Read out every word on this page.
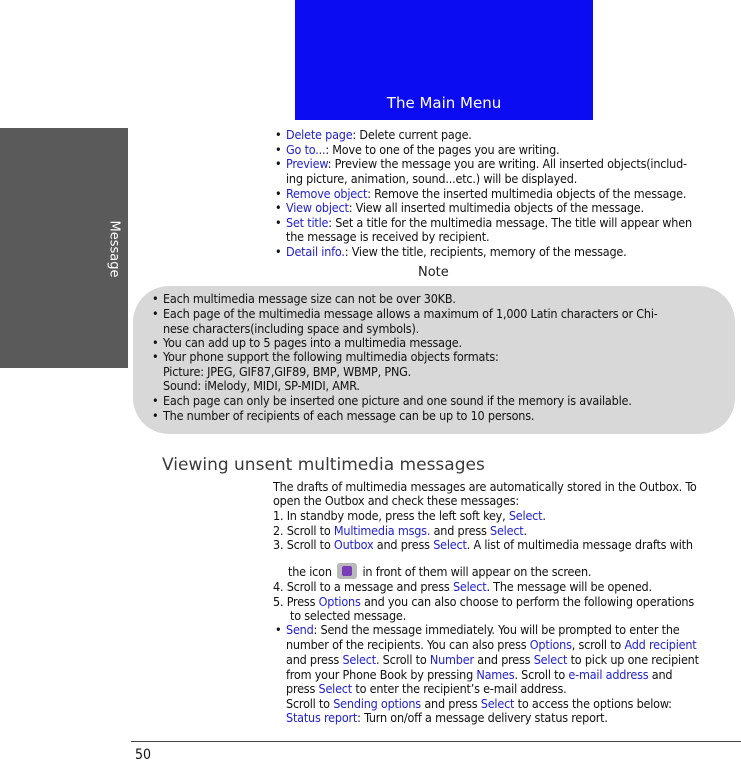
The Main Menu
Message
• Delete page: Delete current page.
• Go to...: Move to one of the pages you are writing.
• Preview: Preview the message you are writing. All inserted objects(includ-
ing picture, animation, sound...etc.) will be displayed.
• Remove object: Remove the inserted multimedia objects of the message.
• View object: View all inserted multimedia objects of the message.
• Set title: Set a title for the multimedia message. The title will appear when
the message is received by recipient.
• Detail info.: View the title, recipients, memory of the message.
Note
• Each multimedia message size can not be over 30KB.
• Each page of the multimedia message allows a maximum of 1,000 Latin characters or Chi-
nese characters(including space and symbols).
• You can add up to 5 pages into a multimedia message.
• Your phone support the following multimedia objects formats:
Picture: JPEG, GIF87,GIF89, BMP, WBMP, PNG.
Sound: iMelody, MIDI, SP-MIDI, AMR.
• Each page can only be inserted one picture and one sound if the memory is available.
• The number of recipients of each message can be up to 10 persons.
Viewing unsent multimedia messages
The drafts of multimedia messages are automatically stored in the Outbox. To
open the Outbox and check these messages:
1. In standby mode, press the left soft key, Select.
2. Scroll to Multimedia msgs. and press Select.
3. Scroll to Outbox and press Select. A list of multimedia message drafts with
the icon in front of them will appear on the screen.
4. Scroll to a message and press Select. The message will be opened.
5. Press Options and you can also choose to perform the following operations
to selected message.
• Send: Send the message immediately. You will be prompted to enter the
number of the recipients. You can also press Options, scroll to Add recipient
and press Select. Scroll to Number and press Select to pick up one recipient
from your Phone Book by pressing Names. Scroll to e-mail address and
press Select to enter the recipient’s e-mail address.
Scroll to Sending options and press Select to access the options below:
Status report: Turn on/off a message delivery status report.
50
